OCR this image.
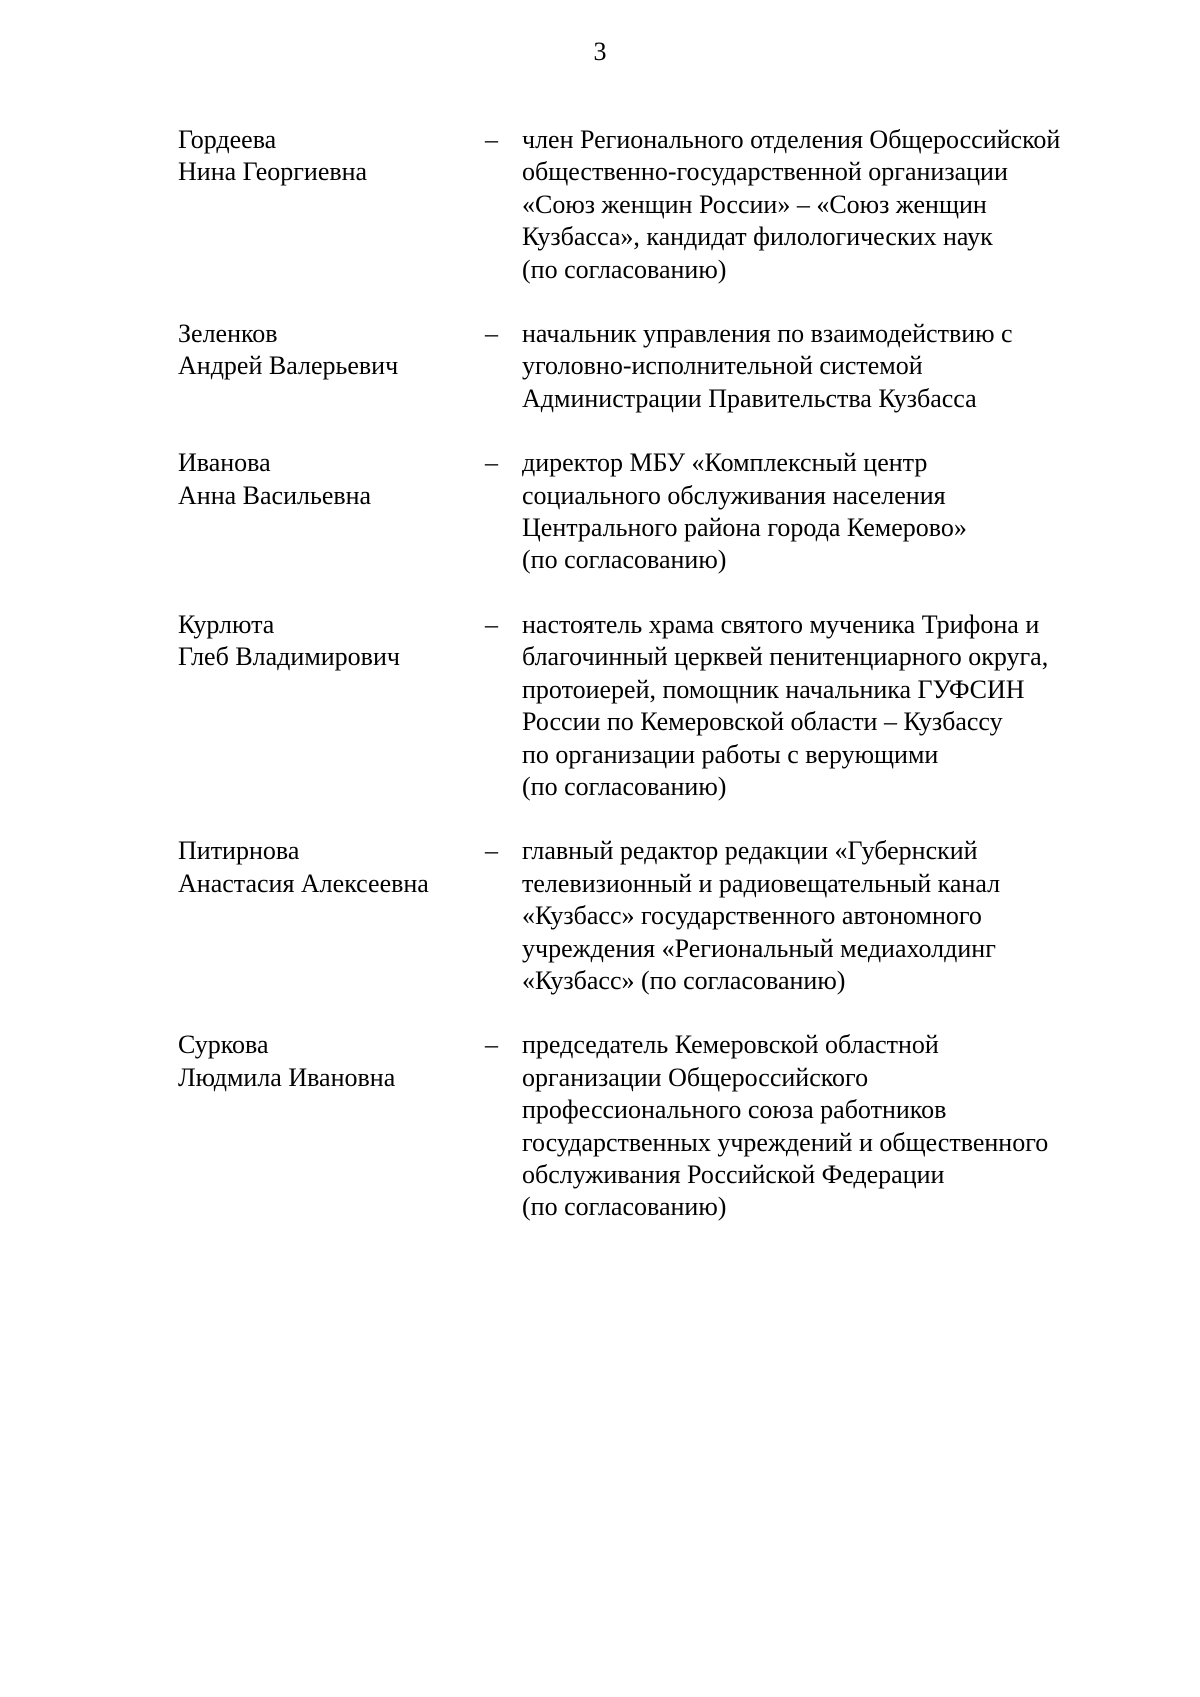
3
Гордеева
Нина Георгиевна
– член Регионального отделения Общероссийской
общественно-государственной организации
«Союз женщин России» – «Союз женщин
Кузбасса», кандидат филологических наук
(по согласованию)
Зеленков
Андрей Валерьевич
– начальник управления по взаимодействию с
уголовно-исполнительной системой
Администрации Правительства Кузбасса
Иванова
Анна Васильевна
– директор МБУ «Комплексный центр
социального обслуживания населения
Центрального района города Кемерово»
(по согласованию)
Курлюта
Глеб Владимирович
– настоятель храма святого мученика Трифона и
благочинный церквей пенитенциарного округа,
протоиерей, помощник начальника ГУФСИН
России по Кемеровской области – Кузбассу
по организации работы с верующими
(по согласованию)
Питирнова
Анастасия Алексеевна
– главный редактор редакции «Губернский
телевизионный и радиовещательный канал
«Кузбасс» государственного автономного
учреждения «Региональный медиахолдинг
«Кузбасс» (по согласованию)
Суркова
Людмила Ивановна
– председатель Кемеровской областной
организации Общероссийского
профессионального союза работников
государственных учреждений и общественного
обслуживания Российской Федерации
(по согласованию)
